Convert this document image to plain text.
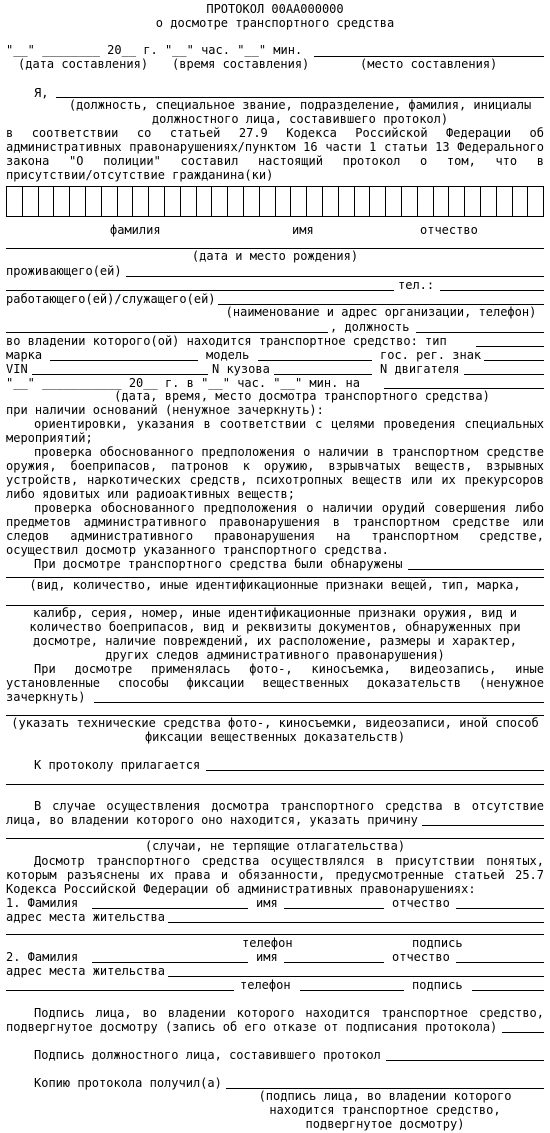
ПРОТОКОЛ 00АА000000
о досмотре транспортного средства
"__" ________ 20__ г. "__" час. "__" мин.
(дата составления) (время составления)	(место составления)
Я,
(должность, специальное звание, подразделение, фамилия, инициалы
должностного лица, составившего протокол)
в соответствии со статьей 27.9 Кодекса Российской Федерации об
административных правонарушениях/пунктом 16 части 1 статьи 13 Федерального
закона "О полиции" составил настоящий протокол о том, что в
присутствии/отсутствие гражданина(ки)
фамилия	имя	отчество
(дата и место рождения)
проживающего(ей)
тел.:
работающего(ей)/служащего(ей)
(наименование и адрес организации, телефон)
, должность
во владении которого(ой) находится транспортное средство: тип
марка	модель	гос. рег. знак
VIN	N кузова	N двигателя
"__" ___________ 20__ г. в "__" час. "__" мин. на
(дата, время, место досмотра транспортного средства)
при наличии оснований (ненужное зачеркнуть):
ориентировки, указания в соответствии с целями проведения специальных
мероприятий;
проверка обоснованного предположения о наличии в транспортном средстве
оружия, боеприпасов, патронов к оружию, взрывчатых веществ, взрывных
устройств, наркотических средств, психотропных веществ или их прекурсоров
либо ядовитых или радиоактивных веществ;
проверка обоснованного предположения о наличии орудий совершения либо
предметов административного правонарушения в транспортном средстве или
следов административного правонарушения на транспортном средстве,
осуществил досмотр указанного транспортного средства.
При досмотре транспортного средства были обнаружены
(вид, количество, иные идентификационные признаки вещей, тип, марка,
калибр, серия, номер, иные идентификационные признаки оружия, вид и
количество боеприпасов, вид и реквизиты документов, обнаруженных при
досмотре, наличие повреждений, их расположение, размеры и характер,
других следов административного правонарушения)
При досмотре применялась фото-, киносъемка, видеозапись, иные
установленные способы фиксации вещественных доказательств (ненужное
зачеркнуть)
(указать технические средства фото-, киносъемки, видеозаписи, иной способ
фиксации вещественных доказательств)
К протоколу прилагается
В случае осуществления досмотра транспортного средства в отсутствие
лица, во владении которого оно находится, указать причину
(случаи, не терпящие отлагательства)
Досмотр транспортного средства осуществлялся в присутствии понятых,
которым разъяснены их права и обязанности, предусмотренные статьей 25.7
Кодекса Российской Федерации об административных правонарушениях:
1. Фамилия	имя	отчество
адрес места жительства
телефон	подпись
2. Фамилия	имя	отчество
адрес места жительства
телефон	подпись
Подпись лица, во владении которого находится транспортное средство,
подвергнутое досмотру (запись об его отказе от подписания протокола)
Подпись должностного лица, составившего протокол
Копию протокола получил(а)
(подпись лица, во владении которого
находится транспортное средство,
подвергнутое досмотру)
